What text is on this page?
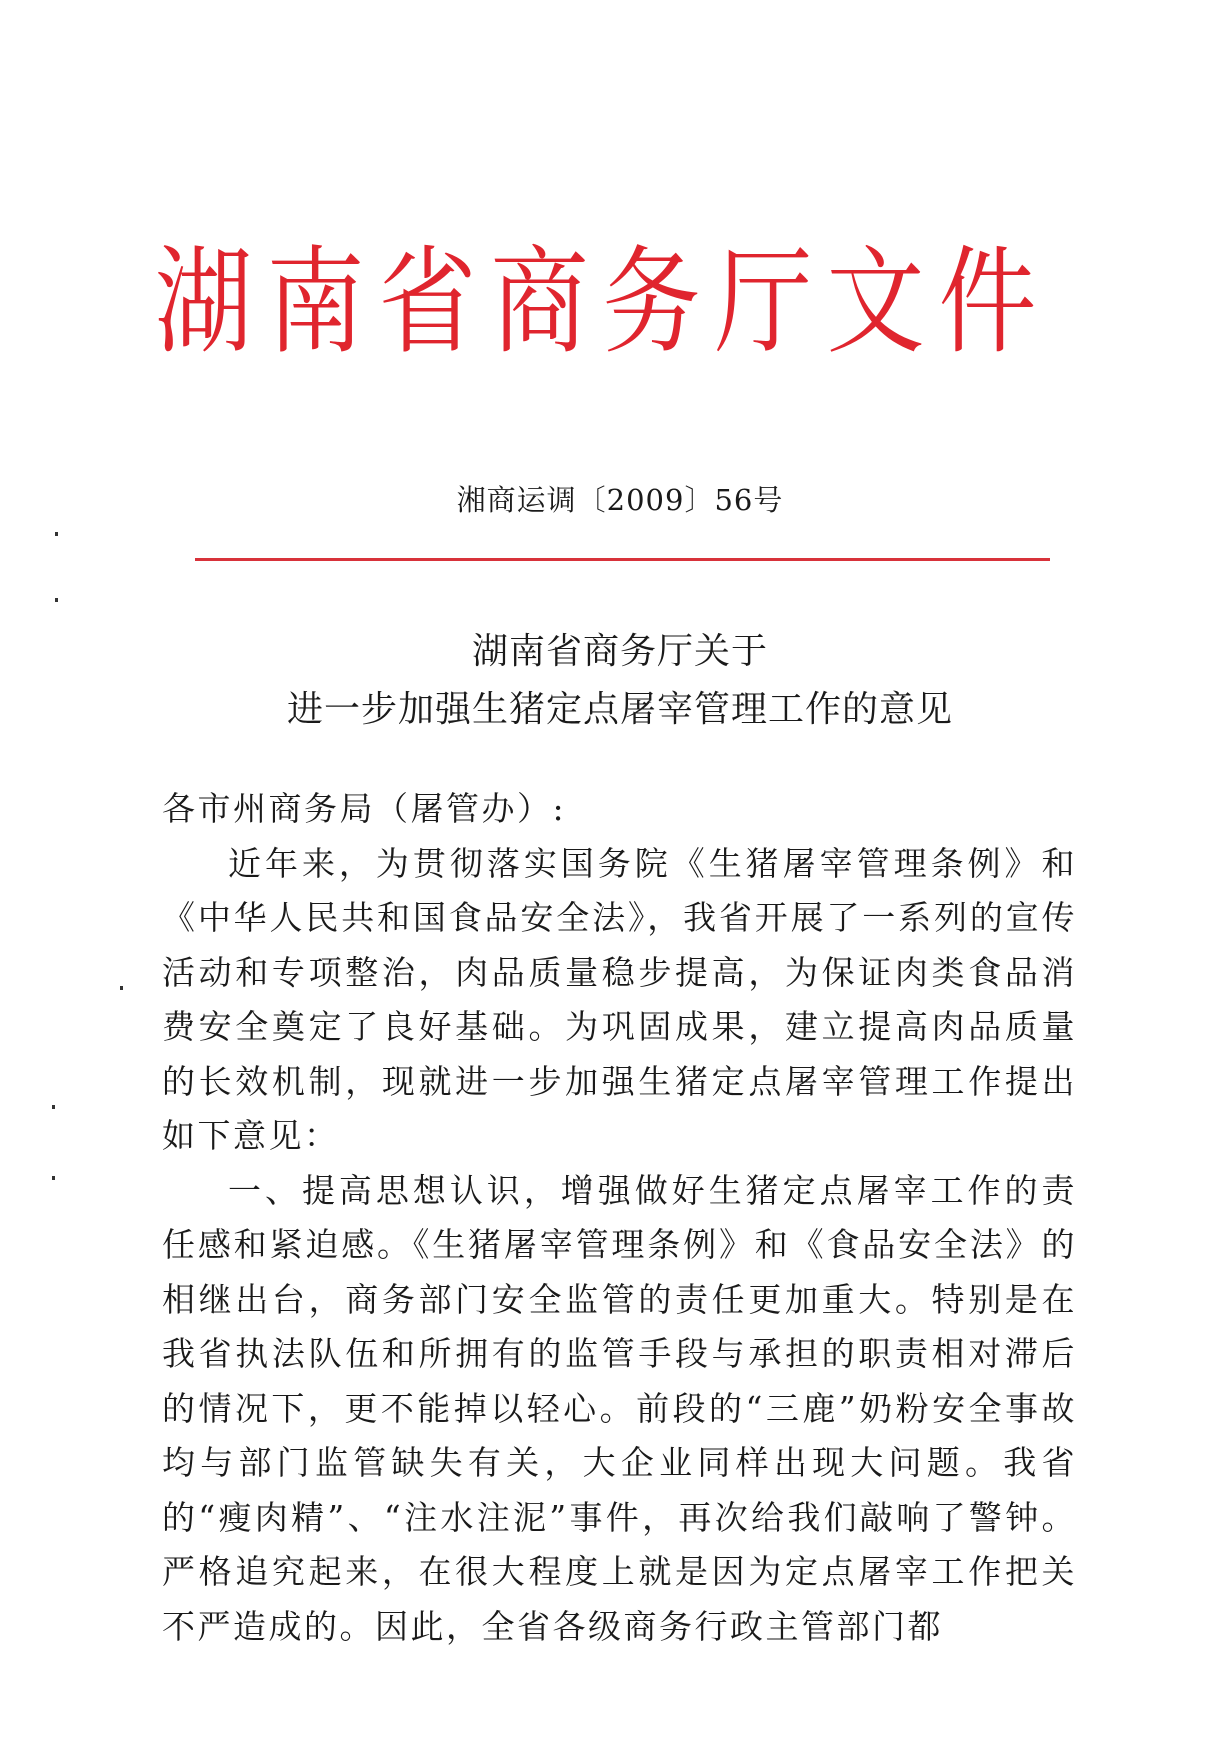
湖南省商务厅文件
湘商运调〔2009〕56号
湖南省商务厅关于
进一步加强生猪定点屠宰管理工作的意见

各市州商务局（屠管办）:

近年来，为贯彻落实国务院《生猪屠宰管理条例》和《中华人民共和国食品安全法》，我省开展了一系列的宣传活动和专项整治，肉品质量稳步提高，为保证肉类食品消费安全奠定了良好基础。为巩固成果，建立提高肉品质量的长效机制，现就进一步加强生猪定点屠宰管理工作提出如下意见：

一、提高思想认识，增强做好生猪定点屠宰工作的责任感和紧迫感。《生猪屠宰管理条例》和《食品安全法》的相继出台，商务部门安全监管的责任更加重大。特别是在我省执法队伍和所拥有的监管手段与承担的职责相对滞后的情况下，更不能掉以轻心。前段的“三鹿”奶粉安全事故均与部门监管缺失有关，大企业同样出现大问题。我省的“瘦肉精”、“注水注泥”事件，再次给我们敲响了警钟。严格追究起来，在很大程度上就是因为定点屠宰工作把关不严造成的。因此，全省各级商务行政主管部门都
